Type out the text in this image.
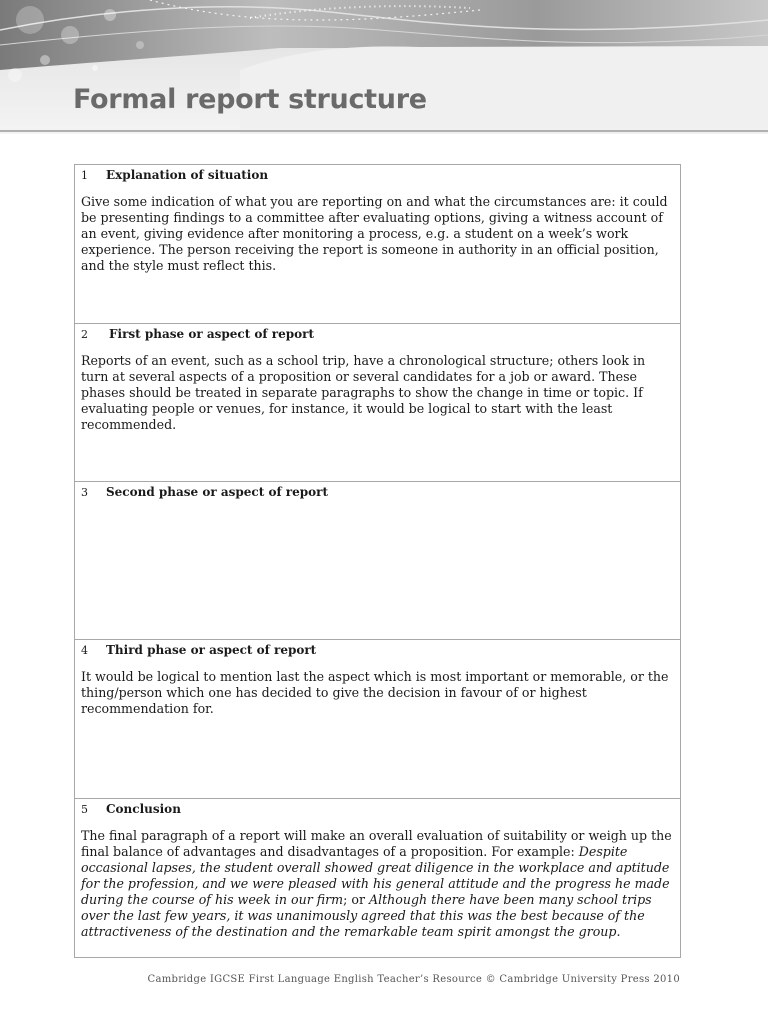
Formal report structure
1 Explanation of situation
Give some indication of what you are reporting on and what the circumstances are: it could be presenting findings to a committee after evaluating options, giving a witness account of an event, giving evidence after monitoring a process, e.g. a student on a week’s work experience. The person receiving the report is someone in authority in an official position, and the style must reflect this.
2 First phase or aspect of report
Reports of an event, such as a school trip, have a chronological structure; others look in turn at several aspects of a proposition or several candidates for a job or award. These phases should be treated in separate paragraphs to show the change in time or topic. If evaluating people or venues, for instance, it would be logical to start with the least recommended.
3 Second phase or aspect of report
4 Third phase or aspect of report
It would be logical to mention last the aspect which is most important or memorable, or the thing/person which one has decided to give the decision in favour of or highest recommendation for.
5 Conclusion
The final paragraph of a report will make an overall evaluation of suitability or weigh up the final balance of advantages and disadvantages of a proposition. For example: Despite occasional lapses, the student overall showed great diligence in the workplace and aptitude for the profession, and we were pleased with his general attitude and the progress he made during the course of his week in our firm; or Although there have been many school trips over the last few years, it was unanimously agreed that this was the best because of the attractiveness of the destination and the remarkable team spirit amongst the group.
Cambridge IGCSE First Language English Teacher’s Resource © Cambridge University Press 2010
